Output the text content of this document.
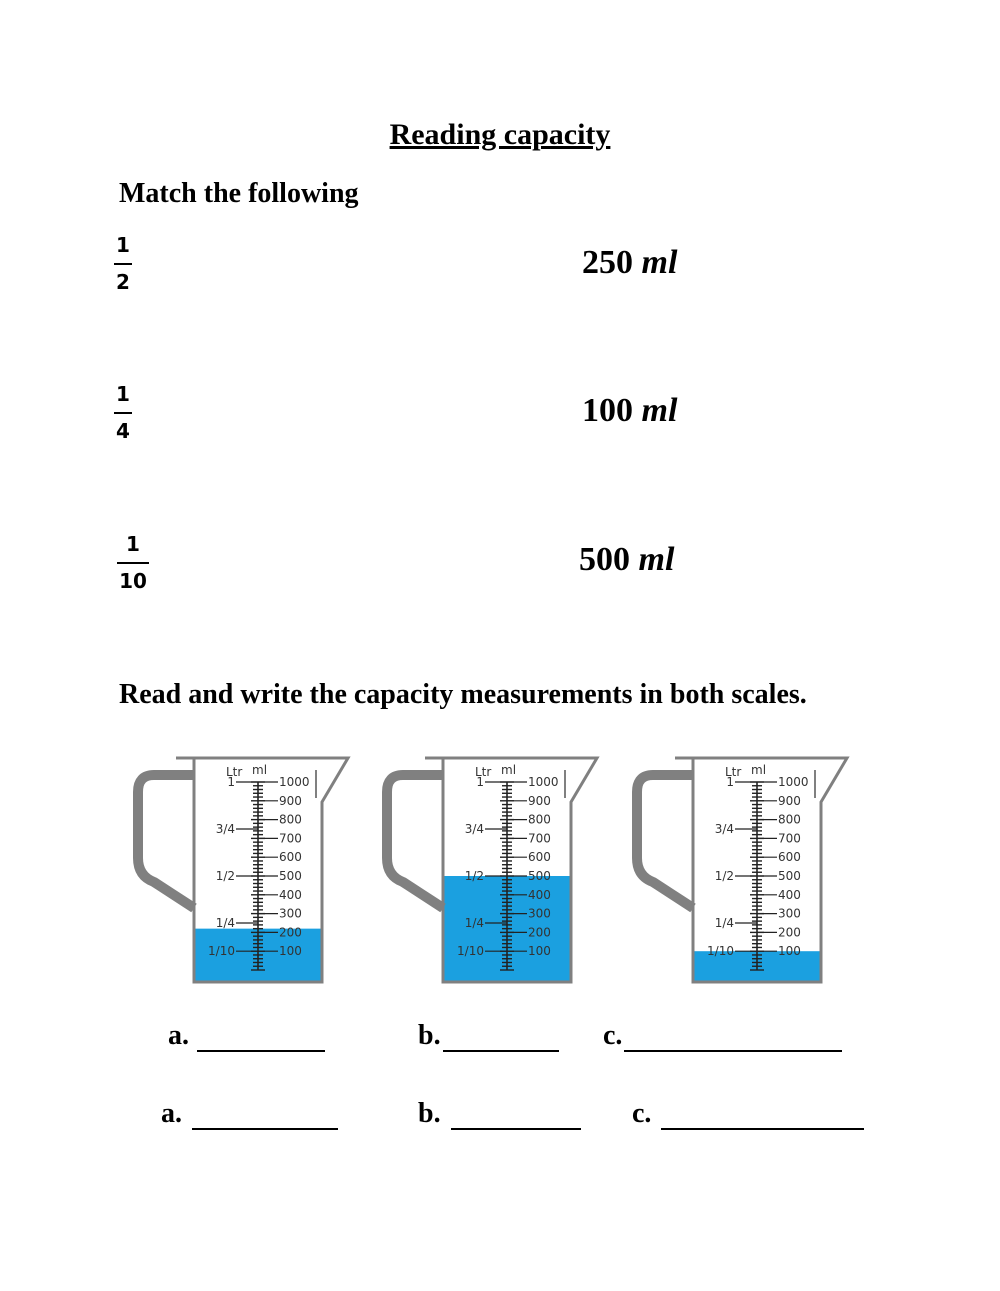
Reading capacity
Match the following
1
2
1
4
1
10
250 ml
100 ml
500 ml
Read and write the capacity measurements in both scales.
Ltr ml
1000
900
800
700
600
500
400
300
200
100
1
3/4
1/2
1/4
1/10
Ltr ml
1000
900
800
700
600
500
400
300
200
100
1
3/4
1/2
1/4
1/10
Ltr ml
1000
900
800
700
600
500
400
300
200
100
1
3/4
1/2
1/4
1/10
a.	b.	c.
a.	b.	c.
